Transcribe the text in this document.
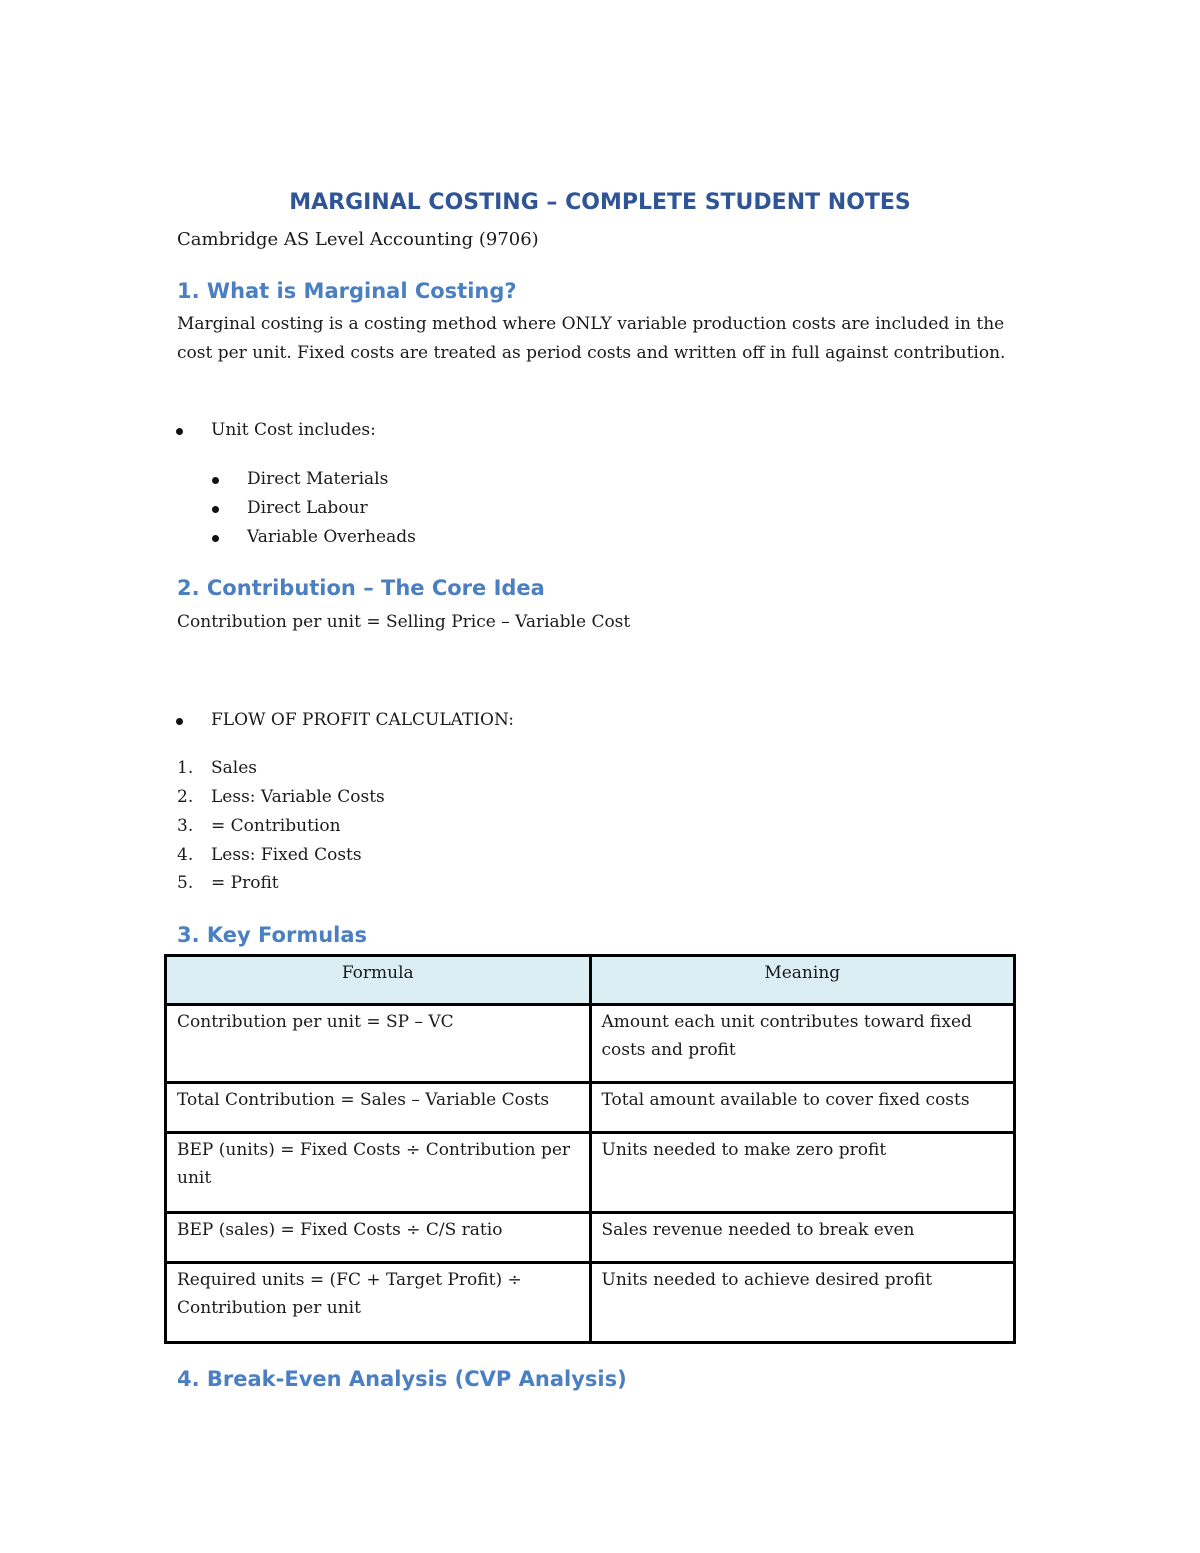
MARGINAL COSTING – COMPLETE STUDENT NOTES
Cambridge AS Level Accounting (9706)
1. What is Marginal Costing?
Marginal costing is a costing method where ONLY variable production costs are included in the cost per unit. Fixed costs are treated as period costs and written off in full against contribution.
Unit Cost includes:
Direct Materials
Direct Labour
Variable Overheads
2. Contribution – The Core Idea
Contribution per unit = Selling Price – Variable Cost
FLOW OF PROFIT CALCULATION:
1. Sales
2. Less: Variable Costs
3. = Contribution
4. Less: Fixed Costs
5. = Profit
3. Key Formulas
Formula	Meaning
Contribution per unit = SP – VC	Amount each unit contributes toward fixed costs and profit
Total Contribution = Sales – Variable Costs	Total amount available to cover fixed costs
BEP (units) = Fixed Costs ÷ Contribution per unit	Units needed to make zero profit
BEP (sales) = Fixed Costs ÷ C/S ratio	Sales revenue needed to break even
Required units = (FC + Target Profit) ÷ Contribution per unit	Units needed to achieve desired profit
4. Break-Even Analysis (CVP Analysis)
